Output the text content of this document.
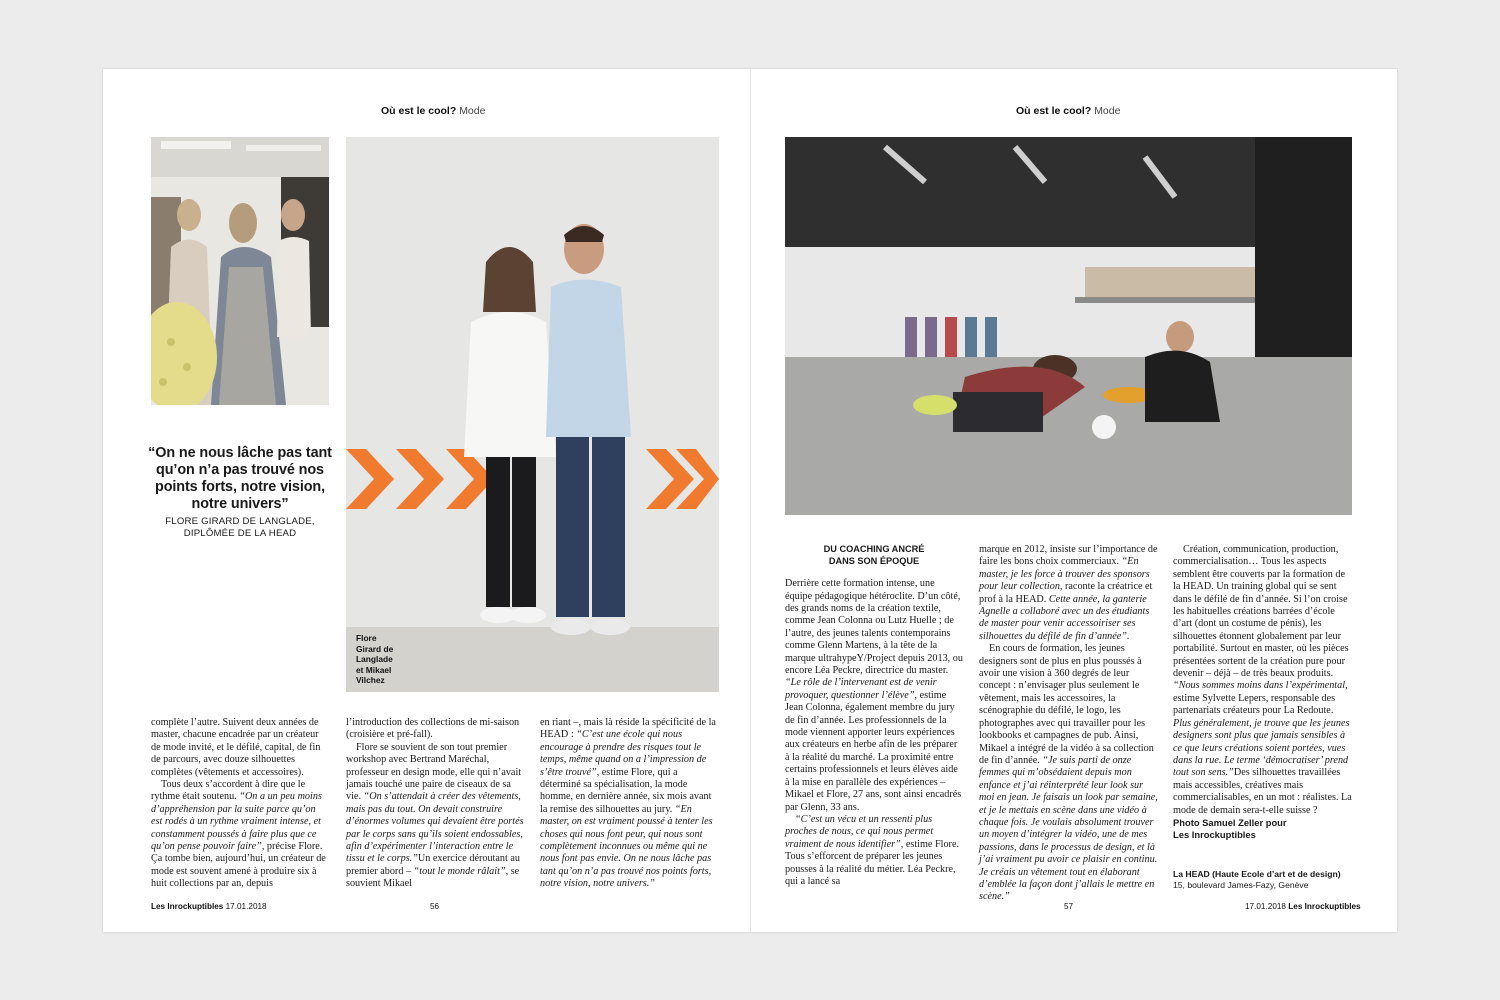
Où est le cool? Mode
Flore
Girard de
Langlade
et Mikael
Vilchez
“On ne nous lâche pas tant qu’on n’a pas trouvé nos points forts, notre vision, notre univers”
FLORE GIRARD DE LANGLADE,
DIPLÔMÉE DE LA HEAD

complète l’autre. Suivent deux années de master, chacune encadrée par un créateur de mode invité, et le défilé, capital, de fin de parcours, avec douze silhouettes complètes (vêtements et accessoires).

Tous deux s’accordent à dire que le rythme était soutenu. “On a un peu moins d’appréhension par la suite parce qu’on est rodés à un rythme vraiment intense, et constamment poussés à faire plus que ce qu’on pense pouvoir faire”, précise Flore. Ça tombe bien, aujourd’hui, un créateur de mode est souvent amené à produire six à huit collections par an, depuis

l’introduction des collections de mi-saison (croisière et pré-fall).

Flore se souvient de son tout premier workshop avec Bertrand Maréchal, professeur en design mode, elle qui n’avait jamais touché une paire de ciseaux de sa vie. “On s’attendait à créer des vêtements, mais pas du tout. On devait construire d’énormes volumes qui devaient être portés par le corps sans qu’ils soient endossables, afin d’expérimenter l’interaction entre le tissu et le corps.”Un exercice déroutant au premier abord – “tout le monde râlait”, se souvient Mikael

en riant –, mais là réside la spécificité de la HEAD : “C’est une école qui nous encourage à prendre des risques tout le temps, même quand on a l’impression de s’être trouvé”, estime Flore, qui a déterminé sa spécialisation, la mode homme, en dernière année, six mois avant la remise des silhouettes au jury. “En master, on est vraiment poussé à tenter les choses qui nous font peur, qui nous sont complètement inconnues ou même qui ne nous font pas envie. On ne nous lâche pas tant qu’on n’a pas trouvé nos points forts, notre vision, notre univers.”

Les Inrockuptibles 17.01.2018	56
Où est le cool? Mode
DU COACHING ANCRÉ
DANS SON ÉPOQUE

Derrière cette formation intense, une équipe pédagogique hétéroclite. D’un côté, des grands noms de la création textile, comme Jean Colonna ou Lutz Huelle ; de l’autre, des jeunes talents contemporains comme Glenn Martens, à la tête de la marque ultrahypeY/Project depuis 2013, ou encore Léa Peckre, directrice du master. “Le rôle de l’intervenant est de venir provoquer, questionner l’élève”, estime Jean Colonna, également membre du jury de fin d’année. Les professionnels de la mode viennent apporter leurs expériences aux créateurs en herbe afin de les préparer à la réalité du marché. La proximité entre certains professionnels et leurs élèves aide à la mise en parallèle des expériences – Mikael et Flore, 27 ans, sont ainsi encadrés par Glenn, 33 ans.

“C’est un vécu et un ressenti plus proches de nous, ce qui nous permet vraiment de nous identifier”, estime Flore. Tous s’efforcent de préparer les jeunes pousses à la réalité du métier. Léa Peckre, qui a lancé sa

marque en 2012, insiste sur l’importance de faire les bons choix commerciaux. “En master, je les force à trouver des sponsors pour leur collection, raconte la créatrice et prof à la HEAD. Cette année, la ganterie Agnelle a collaboré avec un des étudiants de master pour venir accessoiriser ses silhouettes du défilé de fin d’année”.

En cours de formation, les jeunes designers sont de plus en plus poussés à avoir une vision à 360 degrés de leur concept : n’envisager plus seulement le vêtement, mais les accessoires, la scénographie du défilé, le logo, les photographes avec qui travailler pour les lookbooks et campagnes de pub. Ainsi, Mikael a intégré de la vidéo à sa collection de fin d’année. “Je suis parti de onze femmes qui m’obsédaient depuis mon enfance et j’ai réinterprété leur look sur moi en jean. Je faisais un look par semaine, et je le mettais en scène dans une vidéo à chaque fois. Je voulais absolument trouver un moyen d’intégrer la vidéo, une de mes passions, dans le processus de design, et là j’ai vraiment pu avoir ce plaisir en continu. Je créais un vêtement tout en élaborant d’emblée la façon dont j’allais le mettre en scène.”

Création, communication, production, commercialisation… Tous les aspects semblent être couverts par la formation de la HEAD. Un training global qui se sent dans le défilé de fin d’année. Si l’on croise les habituelles créations barrées d’école d’art (dont un costume de pénis), les silhouettes étonnent globalement par leur portabilité. Surtout en master, où les pièces présentées sortent de la création pure pour devenir – déjà – de très beaux produits. “Nous sommes moins dans l’expérimental, estime Sylvette Lepers, responsable des partenariats créateurs pour La Redoute. Plus généralement, je trouve que les jeunes designers sont plus que jamais sensibles à ce que leurs créations soient portées, vues dans la rue. Le terme ‘démocratiser’ prend tout son sens.”Des silhouettes travaillées mais accessibles, créatives mais commercialisables, en un mot : réalistes. La mode de demain sera-t-elle suisse ?

Photo Samuel Zeller pour
Les Inrockuptibles
La HEAD (Haute Ecole d’art et de design)
15, boulevard James-Fazy, Genève
57	17.01.2018 Les Inrockuptibles
